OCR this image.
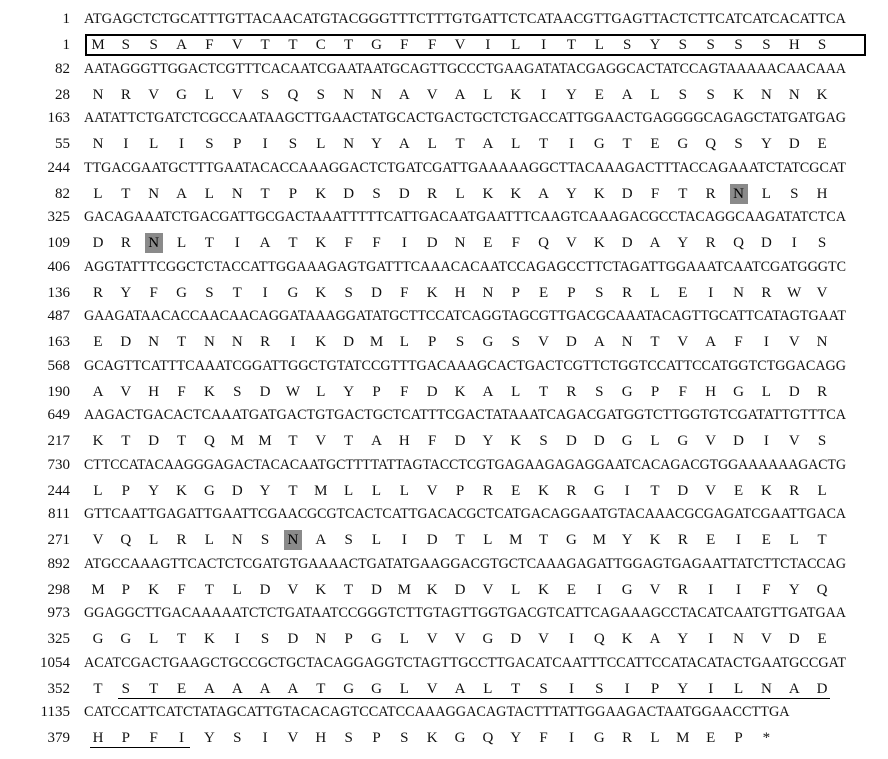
1 ATGAGCTCTGCATTTGTTACAACATGTACGGGTTTCTTTGTGATTCTCATAACGTTGAGTTACTCTTCATCATCACATTCA
1 M	S	S	A	F	V T T C T G	F	F	V	I	L	I	T L	S	Y	S	S	S	S	H	S
82 AATAGGGTTGGACTCGTTTCACAATCGAATAATGCAGTTGCCCTGAAGATATACGAGGCACTATCCAGTAAAAACAACAAA
28 N R V G L V	S	Q	S	N N A V A L K	I	Y E A L	S	S	K N N K
163 AATATTCTGATCTCGCCAATAAGCTTGAACTATGCACTGACTGCTCTGACCATTGGAACTGAGGGGCAGAGCTATGATGAG
55 N	I	L	I	S	P	I	S	L N Y A L T A L T	I	G T E G Q	S	Y D E
244 TTGACGAATGCTTTGAATACACCAAAGGACTCTGATCGATTGAAAAAGGCTTACAAAGACTTTACCAGAAATCTATCGCAT
82 L T N A L N T	P	K D	S	D R L K K A Y K D	F	T R N L	S	H
325 GACAGAAATCTGACGATTGCGACTAAATTTTTCATTGACAATGAATTTCAAGTCAAAGACGCCTACAGGCAAGATATCTCA
109 D R N L T	I	A T K	F	F	I	D N E	F	Q V K D A Y R Q D	I	S
406 AGGTATTTCGGCTCTACCATTGGAAAGAGTGATTTCAAACACAATCCAGAGCCTTCTAGATTGGAAATCAATCGATGGGTC
136 R Y	F	G	S	T	I	G K	S	D	F	K H N	P	E	P	S	R L E	I	N R W V
487 GAAGATAACACCAACAACAGGATAAAGGATATGCTTCCATCAGGTAGCGTTGACGCAAATACAGTTGCATTCATAGTGAAT
163 E D N T N N R	I	K D M L	P	S	G	S	V D A N T V A	F	I	V N
568 GCAGTTCATTTCAAATCGGATTGGCTGTATCCGTTTGACAAAGCACTGACTCGTTCTGGTCCATTCCATGGTCTGGACAGG
190 A V H	F	K	S	D W L Y	P	F	D K A L T R	S	G	P	F	H G L D R
649 AAGACTGACACTCAAATGATGACTGTGACTGCTCATTTCGACTATAAATCAGACGATGGTCTTGGTGTCGATATTGTTTCA
217 K T D T Q M M T V T A H	F	D Y K	S	D D G L G V D	I	V	S
730 CTTCCATACAAGGGAGACTACACAATGCTTTTATTAGTACCTCGTGAGAAGAGAGGAATCACAGACGTGGAAAAAAGACTG
244 L	P	Y K G D Y T M L L L V	P	R E K R G	I	T D V E K R L
811 GTTCAATTGAGATTGAATTCGAACGCGTCACTCATTGACACGCTCATGACAGGAATGTACAAACGCGAGATCGAATTGACA
271 V Q L R L N	S	N A	S	L	I	D T L M T G M Y K R E	I	E L T
892 ATGCCAAAGTTCACTCTCGATGTGAAAACTGATATGAAGGACGTGCTCAAAGAGATTGGAGTGAGAATTATCTTCTACCAG
298 M	P	K	F	T L D V K T D M K D V L K E	I	G V R	I	I	F	Y Q
973 GGAGGCTTGACAAAAATCTCTGATAATCCGGGTCTTGTAGTTGGTGACGTCATTCAGAAAGCCTACATCAATGTTGATGAA
325 G G L T K	I	S	D N	P	G L V V G D V	I	Q K A Y	I	N V D E
1054 ACATCGACTGAAGCTGCCGCTGCTACAGGAGGTCTAGTTGCCTTGACATCAATTTCCATTCCATACATACTGAATGCCGAT
352 T	S	T E A A A A T G G L V A L T	S	I	S	I	P	Y	I	L N A D
1135 CATCCATTCATCTATAGCATTGTACACAGTCCATCCAAAGGACAGTACTTTATTGGAAGACTAATGGAACCTTGA
379 H	P	F	I	Y	S	I	V H	S	P	S	K G Q Y	F	I	G R L M E	P	*
